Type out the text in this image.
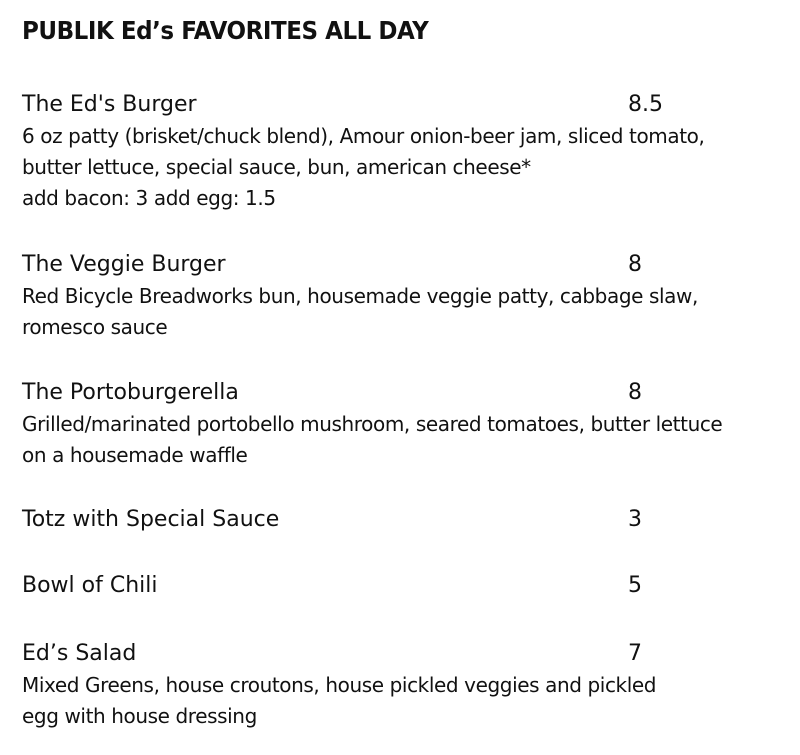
PUBLIK Ed’s FAVORITES ALL DAY
The Ed's Burger	8.5

6 oz patty (brisket/chuck blend), Amour onion-beer jam, sliced tomato,
butter lettuce, special sauce, bun, american cheese*
add bacon: 3 add egg: 1.5

The Veggie Burger	8

Red Bicycle Breadworks bun, housemade veggie patty, cabbage slaw,
romesco sauce

The Portoburgerella	8

Grilled/marinated portobello mushroom, seared tomatoes, butter lettuce
on a housemade waffle

Totz with Special Sauce	3
Bowl of Chili	5
Ed’s Salad	7

Mixed Greens, house croutons, house pickled veggies and pickled
egg with house dressing
